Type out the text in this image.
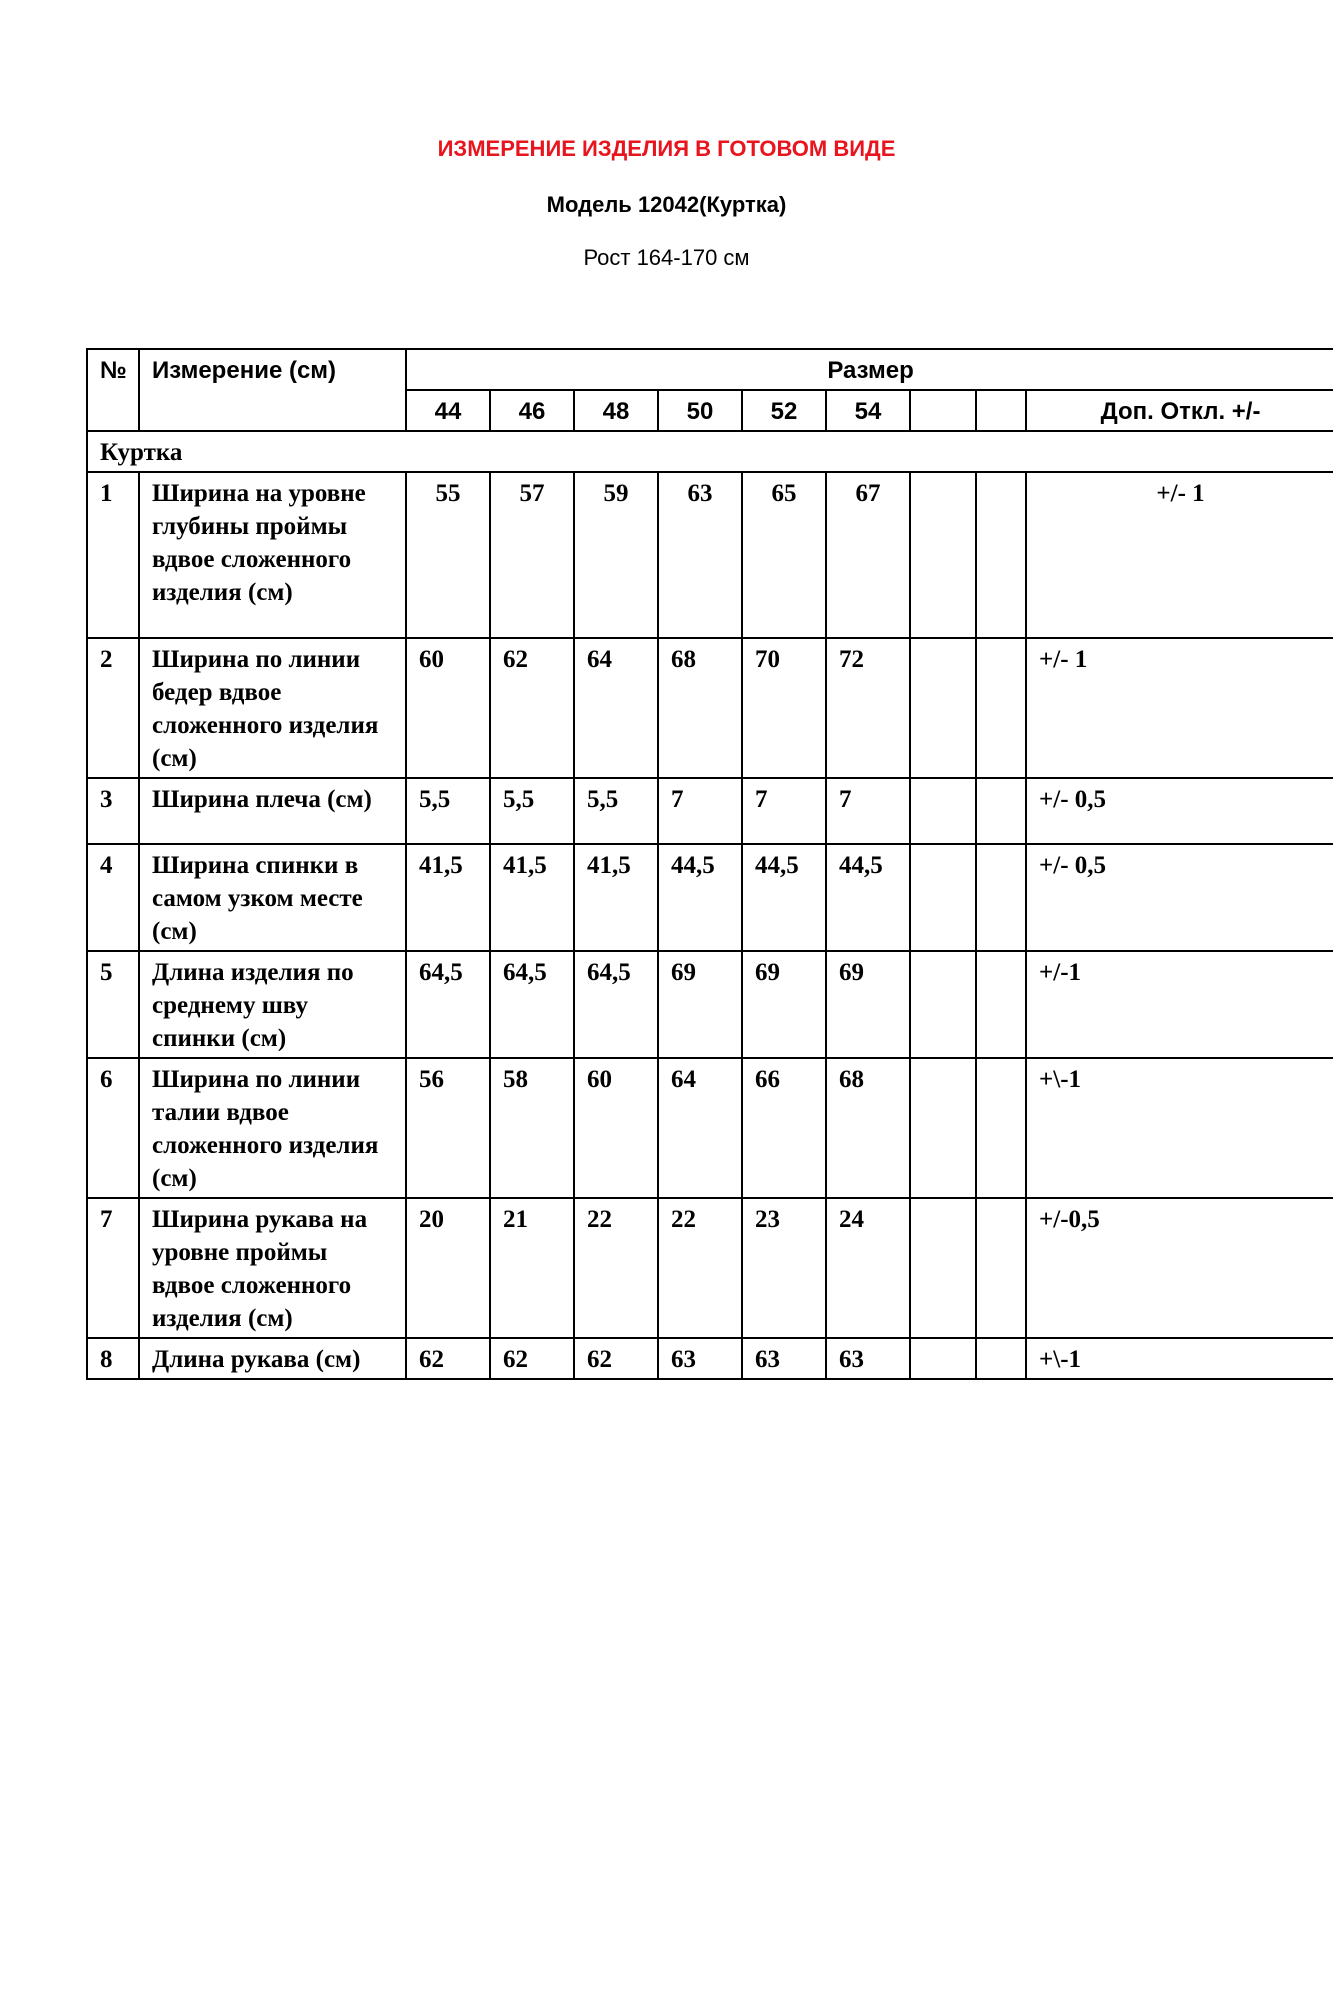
ИЗМЕРЕНИЕ ИЗДЕЛИЯ В ГОТОВОМ ВИДЕ
Модель 12042(Куртка)
Рост 164-170 см
№	Измерение (см)	Размер								
		44	46	48	50	52	54			Доп. Откл. +/-
Куртка										
1	Ширина на уровне глубины проймы вдвое сложенного изделия (см)	55	57	59	63	65	67			+/- 1
2	Ширина по линии бедер вдвое сложенного изделия (см)	60	62	64	68	70	72			+/- 1
3	Ширина плеча (см)	5,5	5,5	5,5	7	7	7			+/- 0,5
4	Ширина спинки в самом узком месте (см)	41,5	41,5	41,5	44,5	44,5	44,5			+/- 0,5
5	Длина изделия по среднему шву спинки (см)	64,5	64,5	64,5	69	69	69			+/-1
6	Ширина по линии талии вдвое сложенного изделия (см)	56	58	60	64	66	68			+\-1
7	Ширина рукава на уровне проймы вдвое сложенного изделия (см)	20	21	22	22	23	24			+/-0,5
8	Длина рукава (см)	62	62	62	63	63	63			+\-1
